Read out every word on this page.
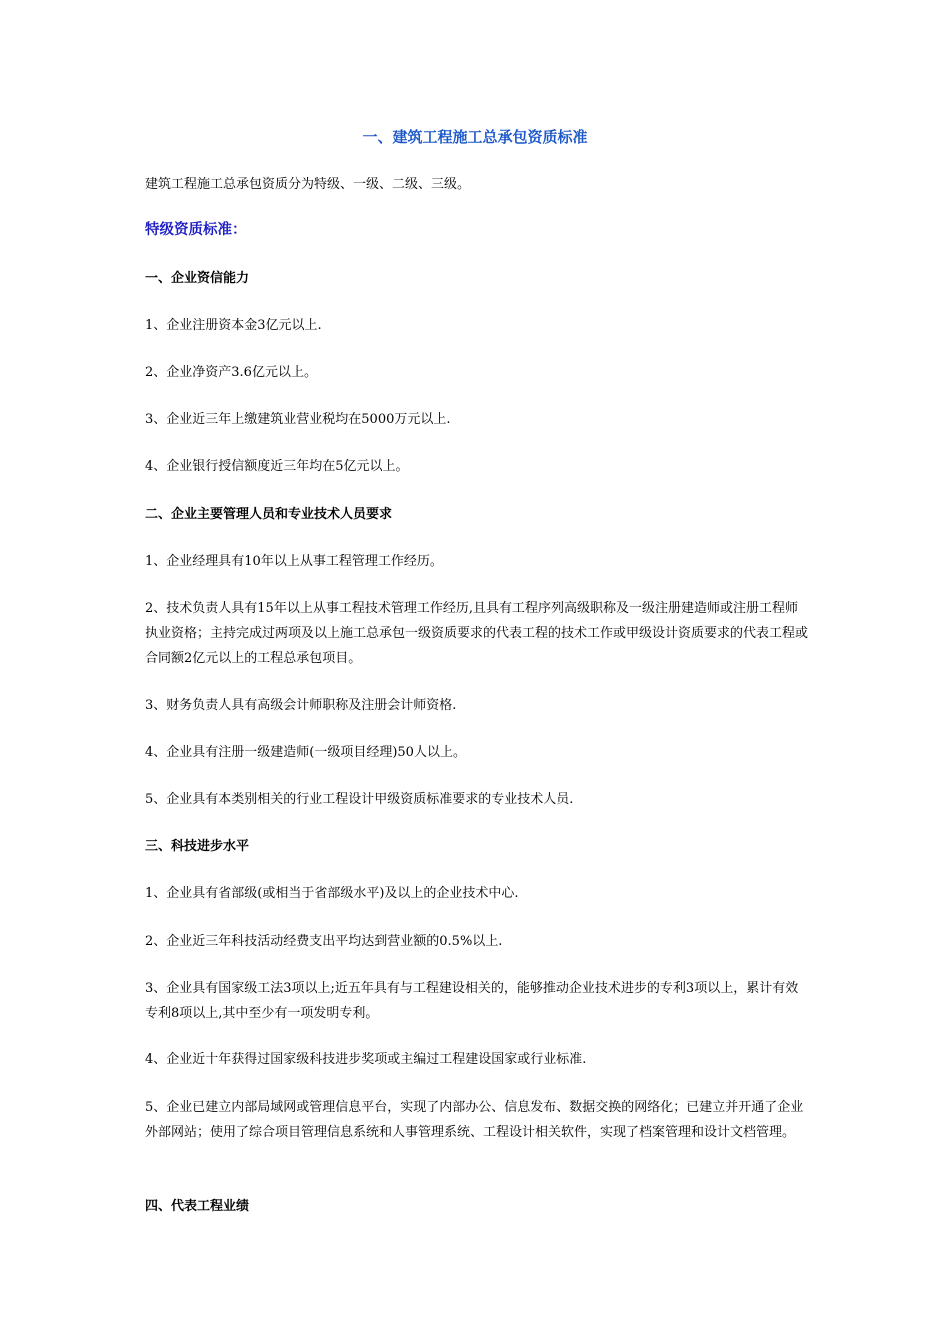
一、建筑工程施工总承包资质标准

建筑工程施工总承包资质分为特级、一级、二级、三级。

特级资质标准：

一、企业资信能力

1、企业注册资本金3亿元以上.

2、企业净资产3.6亿元以上。

3、企业近三年上缴建筑业营业税均在5000万元以上.

4、企业银行授信额度近三年均在5亿元以上。

二、企业主要管理人员和专业技术人员要求

1、企业经理具有10年以上从事工程管理工作经历。

2、技术负责人具有15年以上从事工程技术管理工作经历,且具有工程序列高级职称及一级注册建造师或注册工程师执业资格；主持完成过两项及以上施工总承包一级资质要求的代表工程的技术工作或甲级设计资质要求的代表工程或合同额2亿元以上的工程总承包项目。

3、财务负责人具有高级会计师职称及注册会计师资格.

4、企业具有注册一级建造师(一级项目经理)50人以上。

5、企业具有本类别相关的行业工程设计甲级资质标准要求的专业技术人员.

三、科技进步水平

1、企业具有省部级(或相当于省部级水平)及以上的企业技术中心.

2、企业近三年科技活动经费支出平均达到营业额的0.5%以上.

3、企业具有国家级工法3项以上;近五年具有与工程建设相关的，能够推动企业技术进步的专利3项以上，累计有效专利8项以上,其中至少有一项发明专利。

4、企业近十年获得过国家级科技进步奖项或主编过工程建设国家或行业标准.

5、企业已建立内部局域网或管理信息平台，实现了内部办公、信息发布、数据交换的网络化；已建立并开通了企业外部网站；使用了综合项目管理信息系统和人事管理系统、工程设计相关软件，实现了档案管理和设计文档管理。

四、代表工程业绩
